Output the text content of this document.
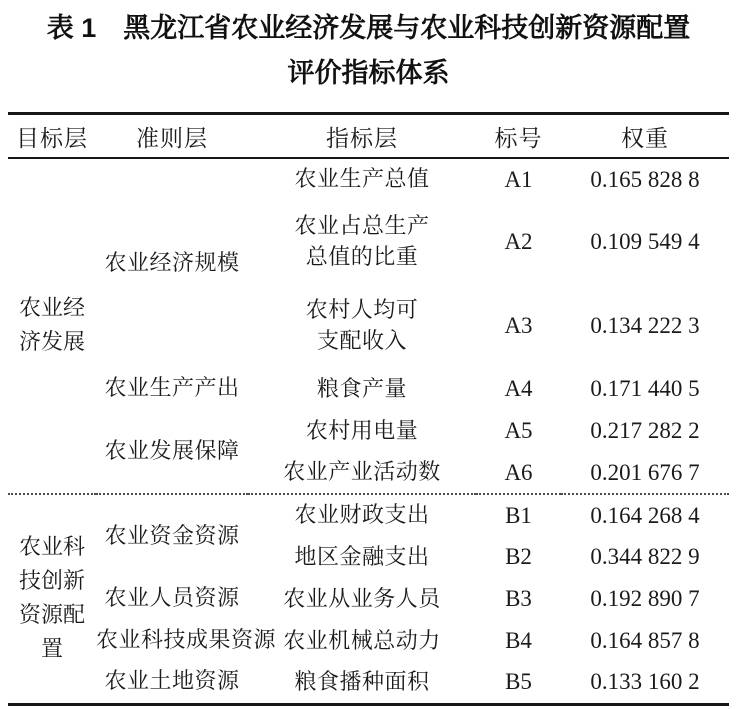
表 1　黑龙江省农业经济发展与农业科技创新资源配置
评价指标体系
目标层	准则层	指标层	标号	权重

农业经济发展	农业经济规模	农业生产总值	A1	0.165 828 8

		农业占总生产
总值的比重	A2	0.109 549 4

		农村人均可
支配收入	A3	0.134 222 3
	农业生产产出	粮食产量	A4	0.171 440 5
	农业发展保障	农村用电量	A5	0.217 282 2

		农业产业活动数	A6	0.201 676 7

农业科技创新资源配置	农业资金资源	农业财政支出	B1	0.164 268 4

		地区金融支出	B2	0.344 822 9
	农业人员资源	农业从业务人员	B3	0.192 890 7
	农业科技成果资源	农业机械总动力	B4	0.164 857 8
	农业土地资源	粮食播种面积	B5	0.133 160 2
